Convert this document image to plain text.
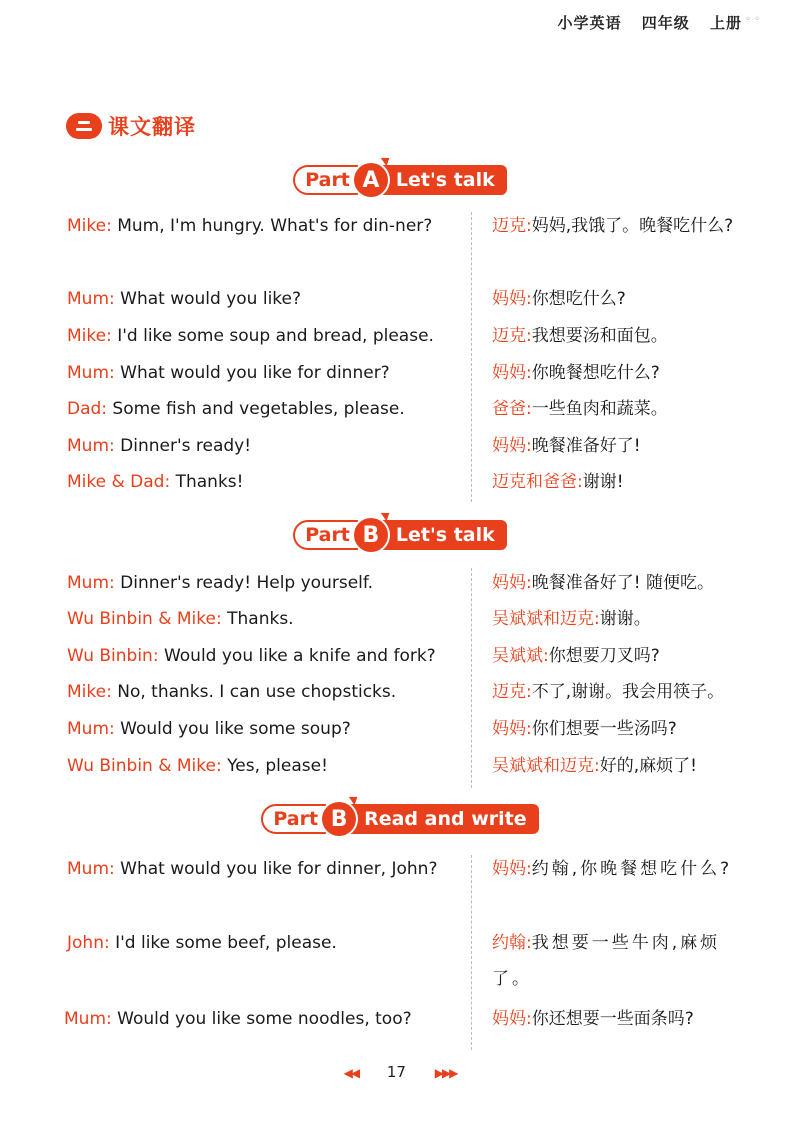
小学英语 四年级 上册 ◦ ◦
课文翻译
Part A Let's talk
Mike: Mum, I'm hungry. What's for din-ner?	迈克:妈妈,我饿了。晚餐吃什么?
Mum: What would you like?	妈妈:你想吃什么?
Mike: I'd like some soup and bread, please.	迈克:我想要汤和面包。
Mum: What would you like for dinner?	妈妈:你晚餐想吃什么?
Dad: Some fish and vegetables, please.	爸爸:一些鱼肉和蔬菜。
Mum: Dinner's ready!	妈妈:晚餐准备好了!
Mike & Dad: Thanks!	迈克和爸爸:谢谢!
Part B Let's talk
Mum: Dinner's ready! Help yourself.	妈妈:晚餐准备好了! 随便吃。
Wu Binbin & Mike: Thanks.	吴斌斌和迈克:谢谢。
Wu Binbin: Would you like a knife and fork?	吴斌斌:你想要刀叉吗?
Mike: No, thanks. I can use chopsticks.	迈克:不了,谢谢。我会用筷子。
Mum: Would you like some soup?	妈妈:你们想要一些汤吗?
Wu Binbin & Mike: Yes, please!	吴斌斌和迈克:好的,麻烦了!
Part B Read and write
Mum: What would you like for dinner, John?	妈妈:约翰,你晚餐想吃什么?
John: I'd like some beef, please.	约翰:我想要一些牛肉,麻烦了。
Mum: Would you like some noodles, too?	妈妈:你还想要一些面条吗?
◀◀ 17 ▶▶▶
